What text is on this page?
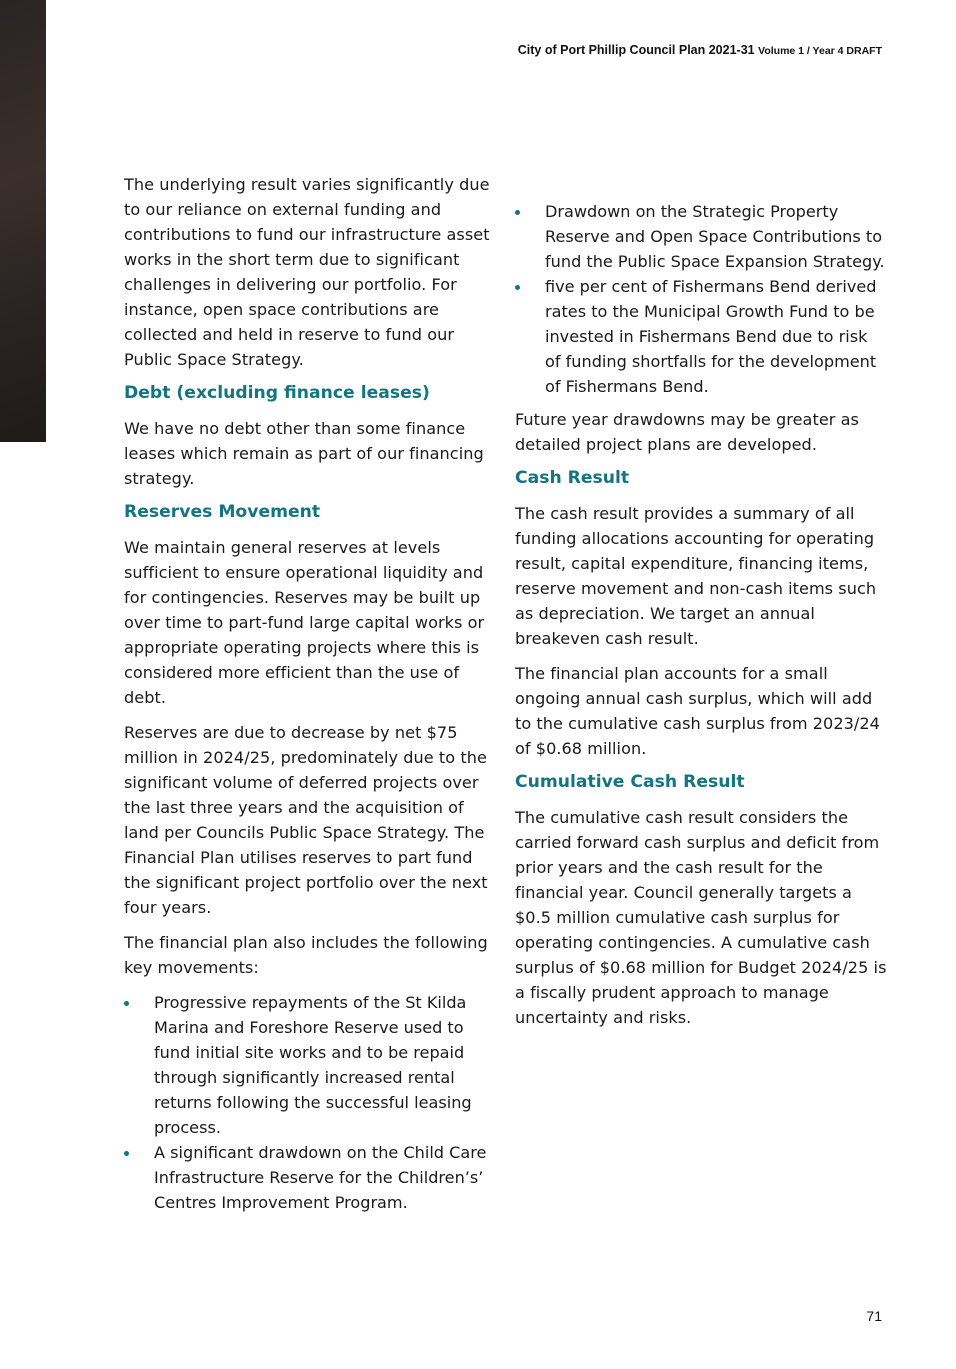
City of Port Phillip Council Plan 2021-31 Volume 1 / Year 4 DRAFT

The underlying result varies significantly due to our reliance on external funding and contributions to fund our infrastructure asset works in the short term due to significant challenges in delivering our portfolio. For instance, open space contributions are collected and held in reserve to fund our Public Space Strategy.

Debt (excluding finance leases)

We have no debt other than some finance leases which remain as part of our financing strategy.

Reserves Movement

We maintain general reserves at levels sufficient to ensure operational liquidity and for contingencies. Reserves may be built up over time to part-fund large capital works or appropriate operating projects where this is considered more efficient than the use of debt.

Reserves are due to decrease by net $75 million in 2024/25, predominately due to the significant volume of deferred projects over the last three years and the acquisition of land per Councils Public Space Strategy. The Financial Plan utilises reserves to part fund the significant project portfolio over the next four years.

The financial plan also includes the following key movements:

Progressive repayments of the St Kilda Marina and Foreshore Reserve used to fund initial site works and to be repaid through significantly increased rental returns following the successful leasing process.
A significant drawdown on the Child Care Infrastructure Reserve for the Children’s’ Centres Improvement Program.
Drawdown on the Strategic Property Reserve and Open Space Contributions to fund the Public Space Expansion Strategy.
five per cent of Fishermans Bend derived rates to the Municipal Growth Fund to be invested in Fishermans Bend due to risk of funding shortfalls for the development of Fishermans Bend.

Future year drawdowns may be greater as detailed project plans are developed.

Cash Result

The cash result provides a summary of all funding allocations accounting for operating result, capital expenditure, financing items, reserve movement and non-cash items such as depreciation. We target an annual breakeven cash result.

The financial plan accounts for a small ongoing annual cash surplus, which will add to the cumulative cash surplus from 2023/24 of $0.68 million.

Cumulative Cash Result

The cumulative cash result considers the carried forward cash surplus and deficit from prior years and the cash result for the financial year. Council generally targets a $0.5 million cumulative cash surplus for operating contingencies. A cumulative cash surplus of $0.68 million for Budget 2024/25 is a fiscally prudent approach to manage uncertainty and risks.

71
